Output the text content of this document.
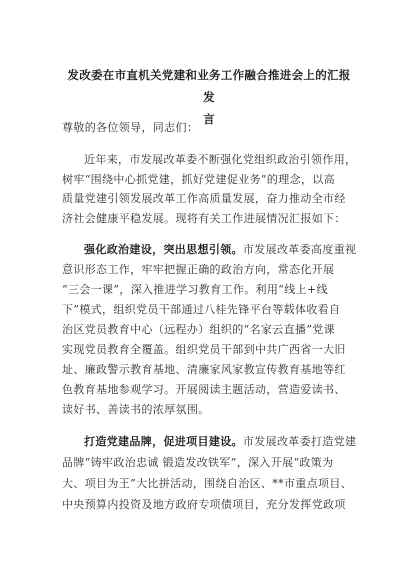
发改委在市直机关党建和业务工作融合推进会上的汇报发
言
尊敬的各位领导，同志们：
近年来，市发展改革委不断强化党组织政治引领作用，
树牢“围绕中心抓党建，抓好党建促业务”的理念，以高
质量党建引领发展改革工作高质量发展，奋力推动全市经
济社会健康平稳发展。现将有关工作进展情况汇报如下：
强化政治建设，突出思想引领。市发展改革委高度重视
意识形态工作，牢牢把握正确的政治方向，常态化开展
“三会一课”，深入推进学习教育工作。利用“线上+线
下”模式，组织党员干部通过八桂先锋平台等载体收看自
治区党员教育中心（远程办）组织的“名家云直播”党课
实现党员教育全覆盖。组织党员干部到中共广西省一大旧
址、廉政警示教育基地、清廉家风家教宣传教育基地等红
色教育基地参观学习。开展阅读主题活动，营造爱读书、
读好书、善读书的浓厚氛围。
打造党建品牌，促进项目建设。市发展改革委打造党建
品牌“铸牢政治忠诚 锻造发改铁军”，深入开展“政策为
大、项目为王”大比拼活动，围绕自治区、**市重点项目、
中央预算内投资及地方政府专项债项目，充分发挥党政项
